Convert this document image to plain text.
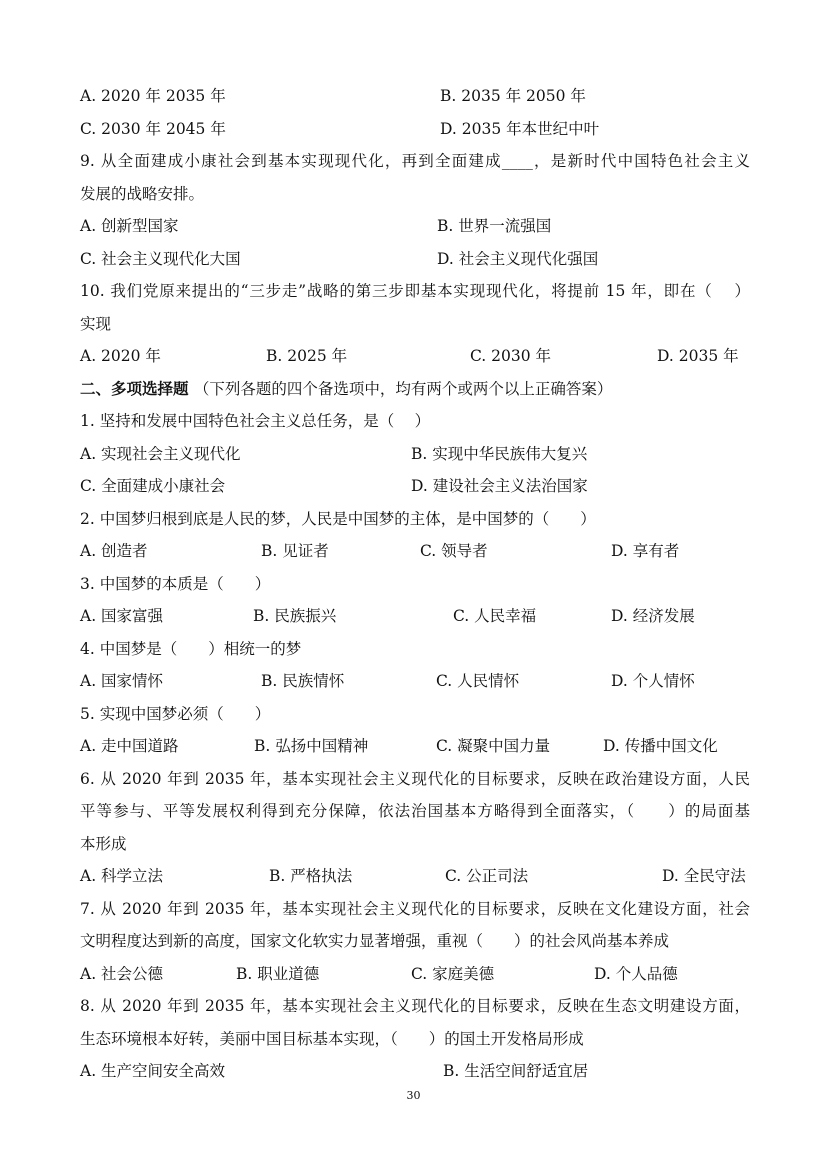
A. 2020 年 2035 年	B. 2035 年 2050 年
C. 2030 年 2045 年	D. 2035 年本世纪中叶
9. 从全面建成小康社会到基本实现现代化，再到全面建成____，是新时代中国特色社会主义
发展的战略安排。
A. 创新型国家	B. 世界一流强国
C. 社会主义现代化大国	D. 社会主义现代化强国
10. 我们党原来提出的“三步走”战略的第三步即基本实现现代化，将提前 15 年，即在（　 ）
实现
A. 2020 年	B. 2025 年	C. 2030 年	D. 2035 年
二、多项选择题 （下列各题的四个备选项中，均有两个或两个以上正确答案）
1. 坚持和发展中国特色社会主义总任务，是（　 ）
A. 实现社会主义现代化	B. 实现中华民族伟大复兴
C. 全面建成小康社会	D. 建设社会主义法治国家
2. 中国梦归根到底是人民的梦，人民是中国梦的主体，是中国梦的（　　）
A. 创造者	B. 见证者	C. 领导者	D. 享有者
3. 中国梦的本质是（　　）
A. 国家富强	B. 民族振兴	C. 人民幸福	D. 经济发展
4. 中国梦是（　　）相统一的梦
A. 国家情怀	B. 民族情怀	C. 人民情怀	D. 个人情怀
5. 实现中国梦必须（　　）
A. 走中国道路	B. 弘扬中国精神	C. 凝聚中国力量	D. 传播中国文化
6. 从 2020 年到 2035 年，基本实现社会主义现代化的目标要求，反映在政治建设方面，人民
平等参与、平等发展权利得到充分保障，依法治国基本方略得到全面落实，（　　）的局面基
本形成
A. 科学立法	B. 严格执法	C. 公正司法	D. 全民守法
7. 从 2020 年到 2035 年，基本实现社会主义现代化的目标要求，反映在文化建设方面，社会
文明程度达到新的高度，国家文化软实力显著增强，重视（　　）的社会风尚基本养成
A. 社会公德	B. 职业道德	C. 家庭美德	D. 个人品德
8. 从 2020 年到 2035 年，基本实现社会主义现代化的目标要求，反映在生态文明建设方面，
生态环境根本好转，美丽中国目标基本实现，（　　）的国土开发格局形成
A. 生产空间安全高效	B. 生活空间舒适宜居
30
